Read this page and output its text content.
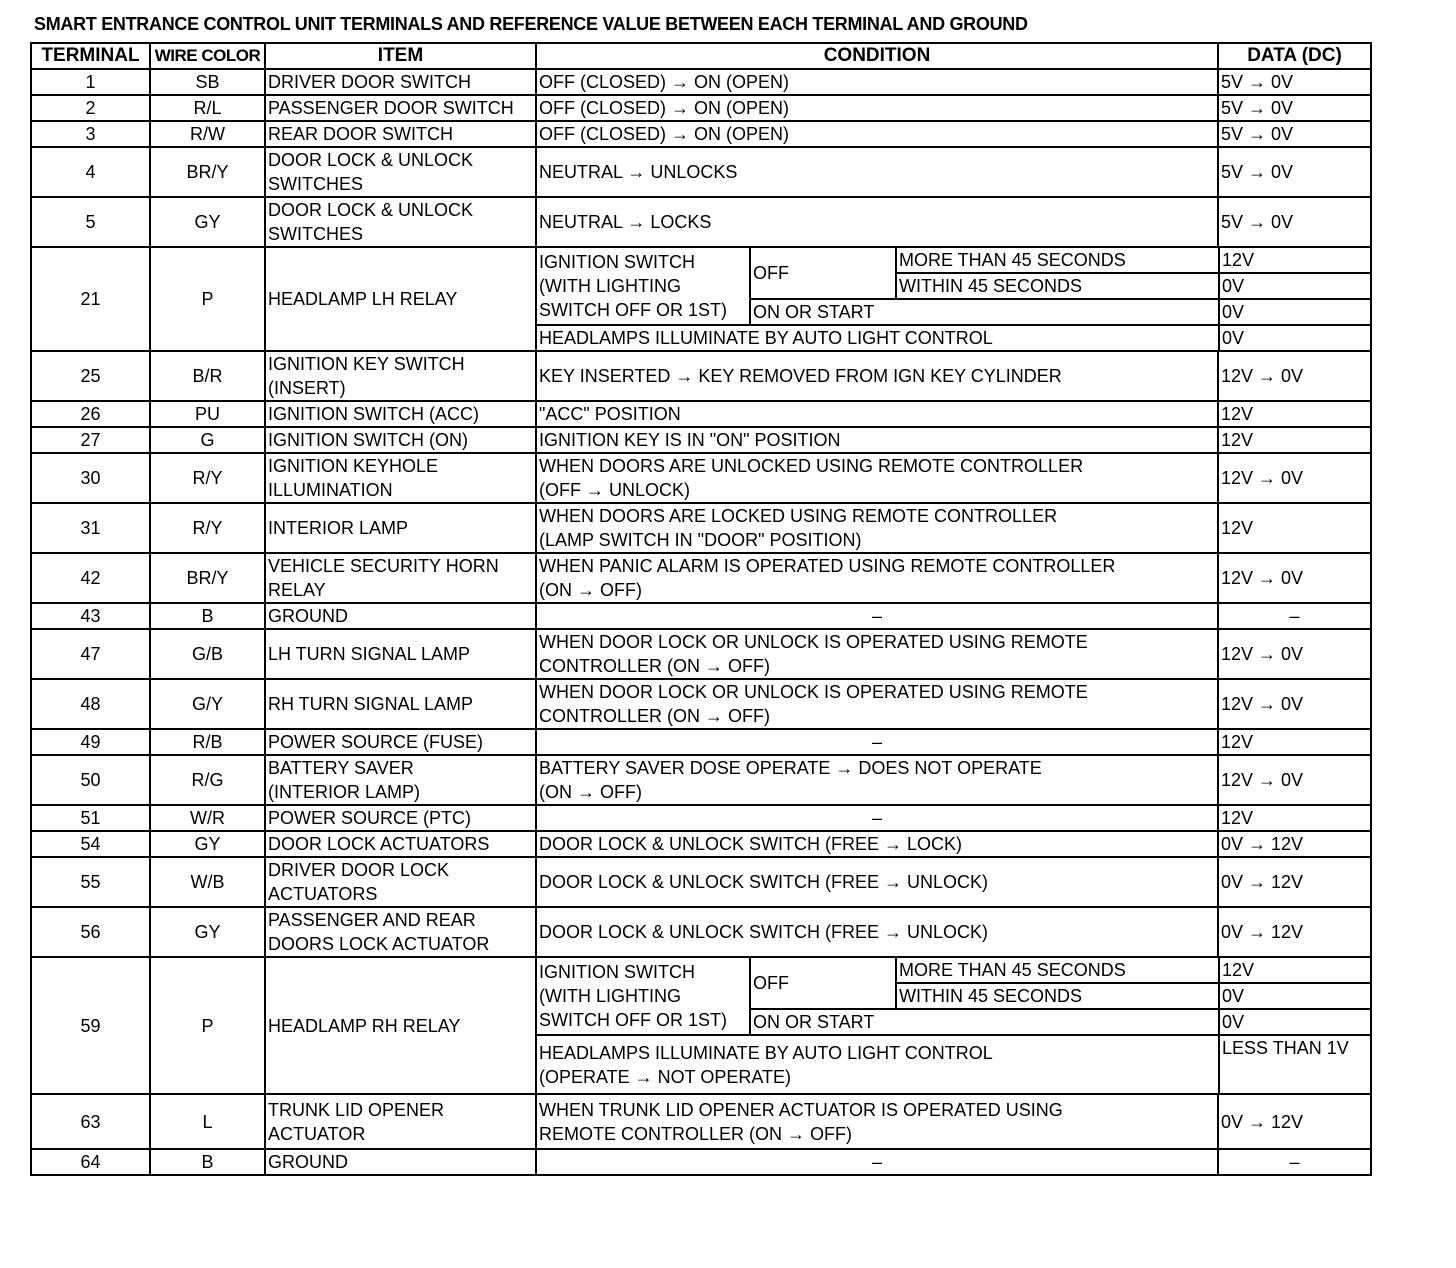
SMART ENTRANCE CONTROL UNIT TERMINALS AND REFERENCE VALUE BETWEEN EACH TERMINAL AND GROUND
TERMINAL	WIRE COLOR	ITEM	CONDITION	DATA (DC)
1	SB	DRIVER DOOR SWITCH	OFF (CLOSED) → ON (OPEN)	5V → 0V
2	R/L	PASSENGER DOOR SWITCH	OFF (CLOSED) → ON (OPEN)	5V → 0V
3	R/W	REAR DOOR SWITCH	OFF (CLOSED) → ON (OPEN)	5V → 0V
4	BR/Y	DOOR LOCK & UNLOCK
SWITCHES	NEUTRAL → UNLOCKS	5V → 0V
5	GY	DOOR LOCK & UNLOCK
SWITCHES	NEUTRAL → LOCKS	5V → 0V
21	P	HEADLAMP LH RELAY	
IGNITION SWITCH
(WITH LIGHTING
SWITCH OFF OR 1ST)	OFF	MORE THAN 45 SECONDS	12V
WITHIN 45 SECONDS	0V
ON OR START	0V
HEADLAMPS ILLUMINATE BY AUTO LIGHT CONTROL	0V

25	B/R	IGNITION KEY SWITCH
(INSERT)	KEY INSERTED → KEY REMOVED FROM IGN KEY CYLINDER	12V → 0V
26	PU	IGNITION SWITCH (ACC)	"ACC" POSITION	12V
27	G	IGNITION SWITCH (ON)	IGNITION KEY IS IN "ON" POSITION	12V
30	R/Y	IGNITION KEYHOLE
ILLUMINATION	WHEN DOORS ARE UNLOCKED USING REMOTE CONTROLLER
(OFF → UNLOCK)	12V → 0V
31	R/Y	INTERIOR LAMP	WHEN DOORS ARE LOCKED USING REMOTE CONTROLLER
(LAMP SWITCH IN "DOOR" POSITION)	12V
42	BR/Y	VEHICLE SECURITY HORN
RELAY	WHEN PANIC ALARM IS OPERATED USING REMOTE CONTROLLER
(ON → OFF)	12V → 0V
43	B	GROUND	–	–
47	G/B	LH TURN SIGNAL LAMP	WHEN DOOR LOCK OR UNLOCK IS OPERATED USING REMOTE
CONTROLLER (ON → OFF)	12V → 0V
48	G/Y	RH TURN SIGNAL LAMP	WHEN DOOR LOCK OR UNLOCK IS OPERATED USING REMOTE
CONTROLLER (ON → OFF)	12V → 0V
49	R/B	POWER SOURCE (FUSE)	–	12V
50	R/G	BATTERY SAVER
(INTERIOR LAMP)	BATTERY SAVER DOSE OPERATE → DOES NOT OPERATE
(ON → OFF)	12V → 0V
51	W/R	POWER SOURCE (PTC)	–	12V
54	GY	DOOR LOCK ACTUATORS	DOOR LOCK & UNLOCK SWITCH (FREE → LOCK)	0V → 12V
55	W/B	DRIVER DOOR LOCK
ACTUATORS	DOOR LOCK & UNLOCK SWITCH (FREE → UNLOCK)	0V → 12V
56	GY	PASSENGER AND REAR
DOORS LOCK ACTUATOR	DOOR LOCK & UNLOCK SWITCH (FREE → UNLOCK)	0V → 12V
59	P	HEADLAMP RH RELAY	
IGNITION SWITCH
(WITH LIGHTING
SWITCH OFF OR 1ST)	OFF	MORE THAN 45 SECONDS	12V
WITHIN 45 SECONDS	0V
ON OR START	0V
HEADLAMPS ILLUMINATE BY AUTO LIGHT CONTROL
(OPERATE → NOT OPERATE)	LESS THAN 1V

63	L	TRUNK LID OPENER
ACTUATOR	WHEN TRUNK LID OPENER ACTUATOR IS OPERATED USING
REMOTE CONTROLLER (ON → OFF)	0V → 12V
64	B	GROUND	–	–
